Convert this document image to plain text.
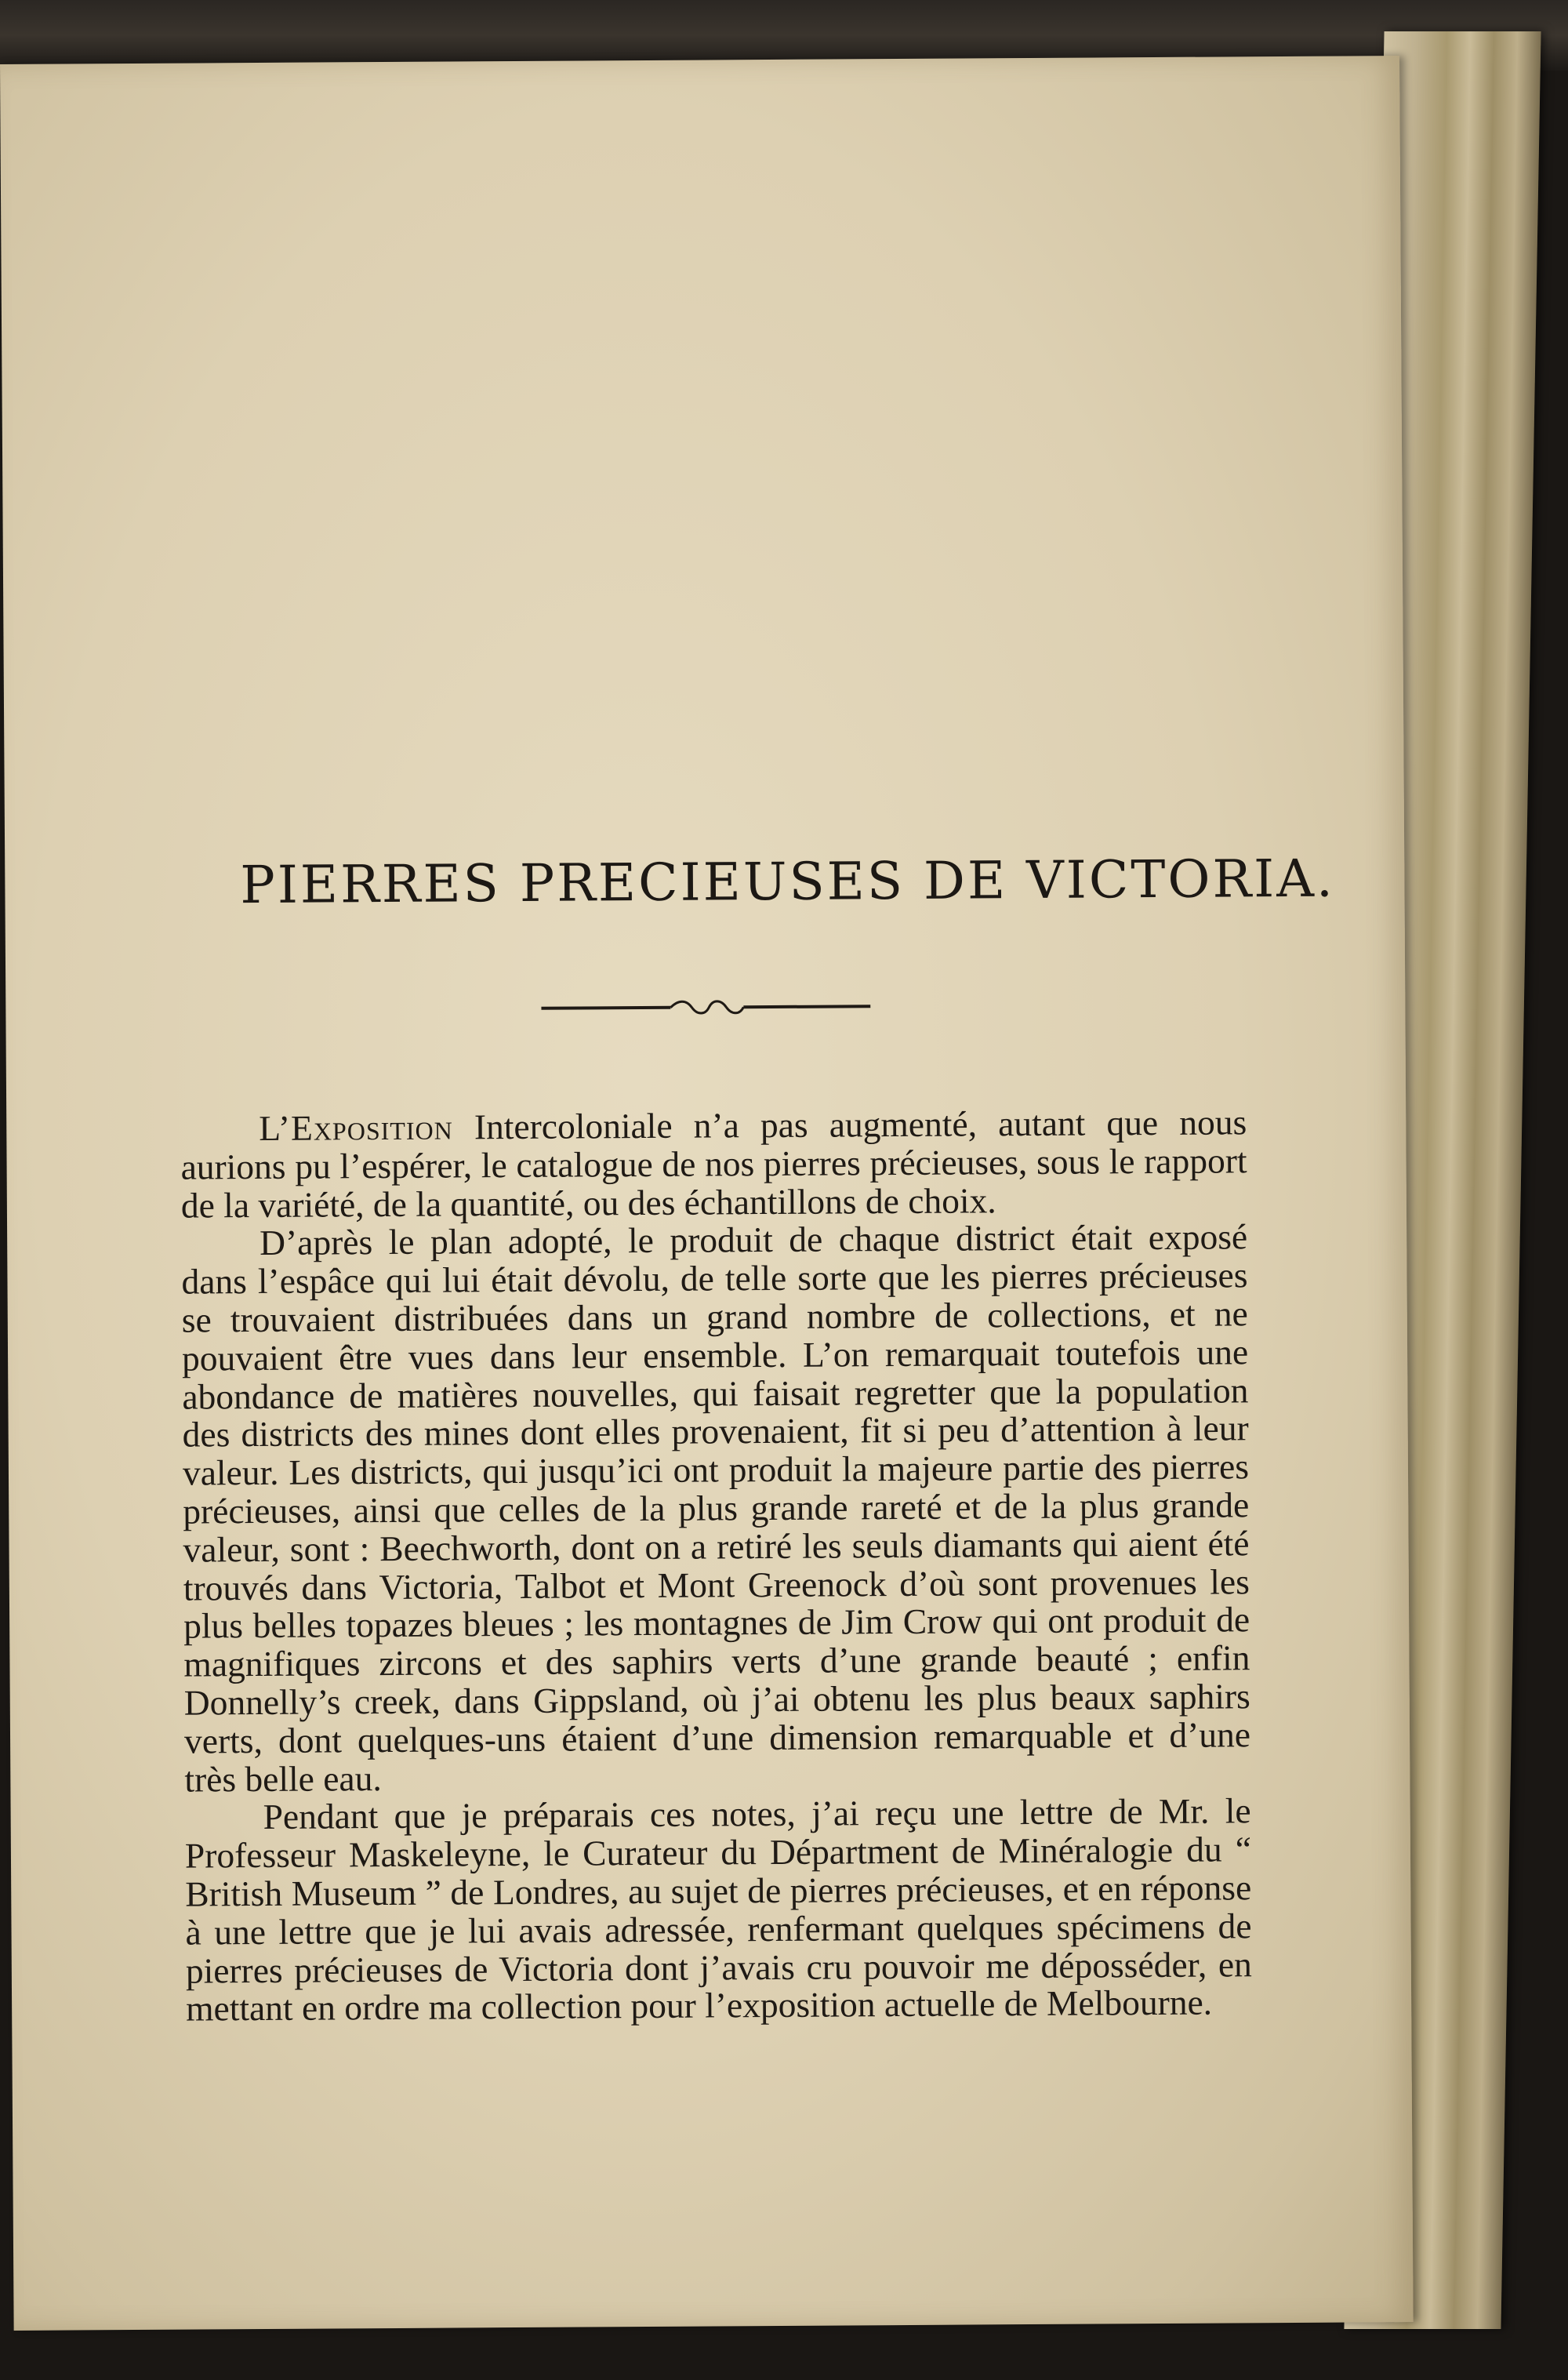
PIERRES PRECIEUSES DE VICTORIA.

L’Exposition Intercoloniale n’a pas augmenté, autant que nous aurions pu l’espérer, le catalogue de nos pierres précieuses, sous le rapport de la variété, de la quantité, ou des échantillons de choix.

D’après le plan adopté, le produit de chaque district était exposé dans l’espâce qui lui était dévolu, de telle sorte que les pierres précieuses se trouvaient distribuées dans un grand nombre de collections, et ne pouvaient être vues dans leur ensemble. L’on remarquait toutefois une abondance de matières nouvelles, qui faisait regretter que la population des districts des mines dont elles provenaient, fit si peu d’attention à leur valeur. Les districts, qui jusqu’ici ont produit la majeure partie des pierres précieuses, ainsi que celles de la plus grande rareté et de la plus grande valeur, sont : Beechworth, dont on a retiré les seuls diamants qui aient été trouvés dans Victoria, Talbot et Mont Greenock d’où sont provenues les plus belles topazes bleues ; les montagnes de Jim Crow qui ont produit de magnifiques zircons et des saphirs verts d’une grande beauté ; enfin Donnelly’s creek, dans Gippsland, où j’ai obtenu les plus beaux saphirs verts, dont quelques-uns étaient d’une dimension remarquable et d’une très belle eau.

Pendant que je préparais ces notes, j’ai reçu une lettre de Mr. le Professeur Maskeleyne, le Curateur du Départment de Minéralogie du “ British Museum ” de Londres, au sujet de pierres précieuses, et en réponse à une lettre que je lui avais adressée, renfermant quelques spécimens de pierres précieuses de Victoria dont j’avais cru pouvoir me déposséder, en mettant en ordre ma collection pour l’exposition actuelle de Melbourne.
